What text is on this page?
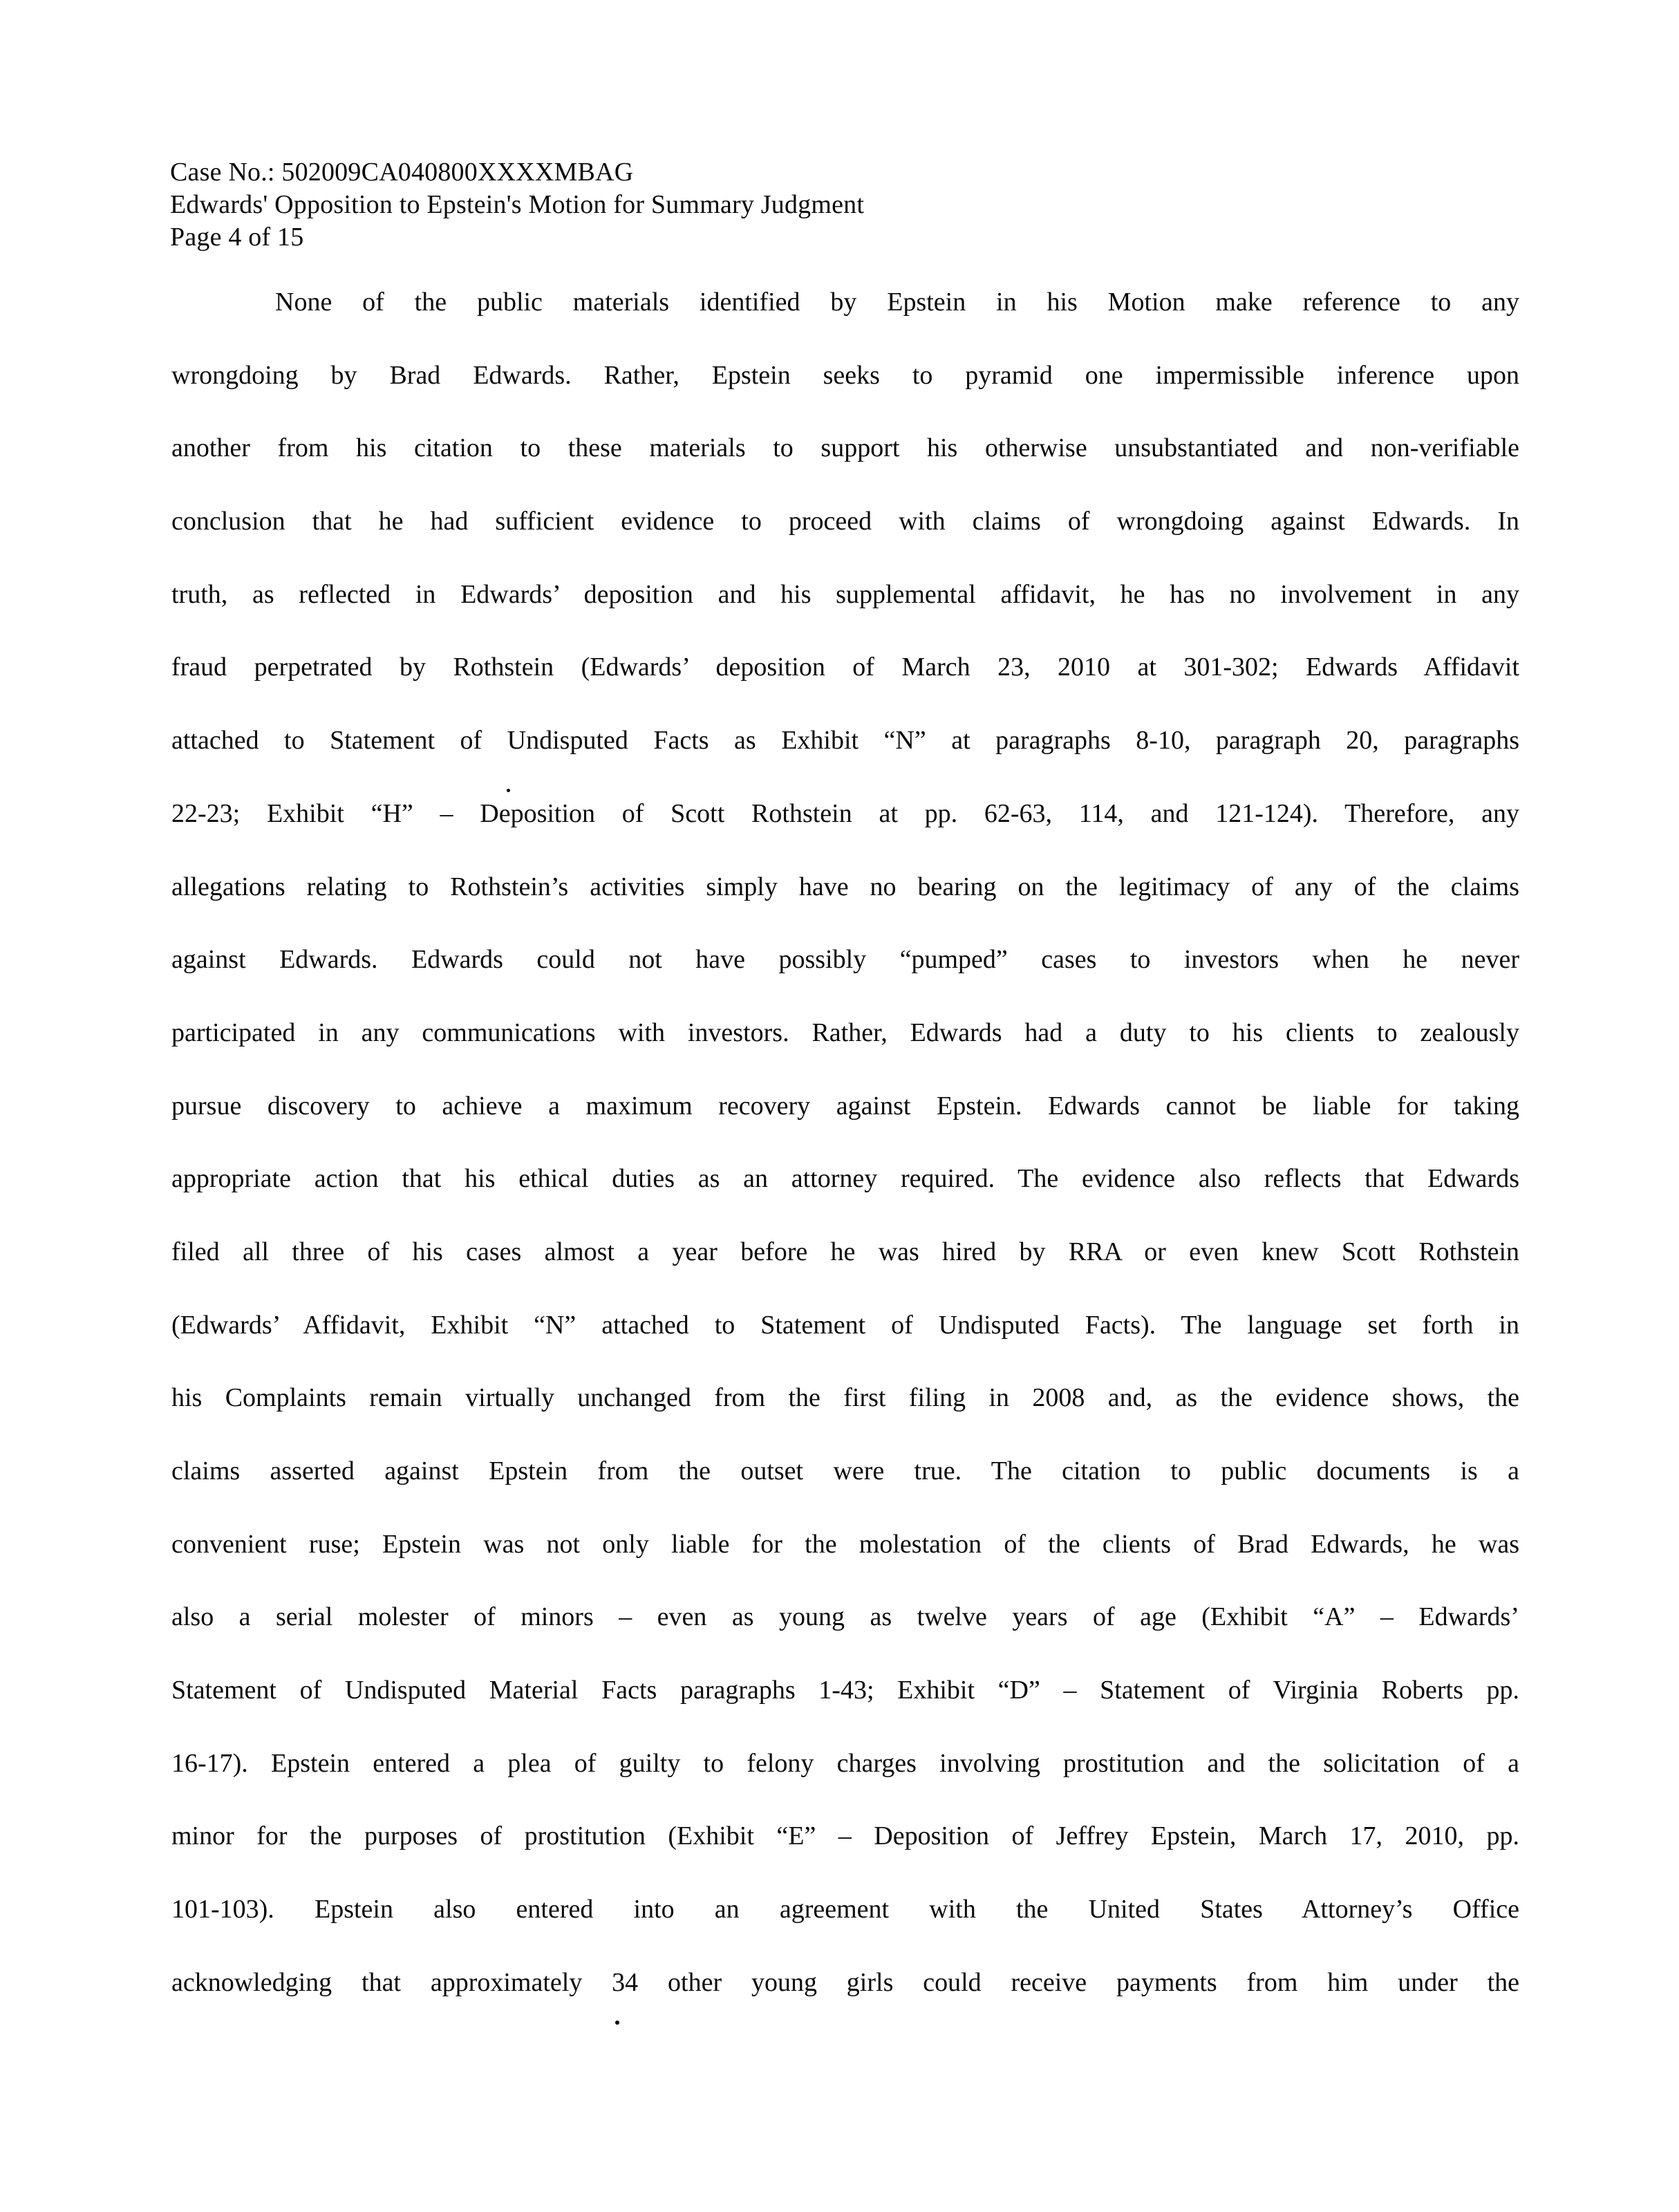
Case No.: 502009CA040800XXXXMBAG
Edwards' Opposition to Epstein's Motion for Summary Judgment
Page 4 of 15
None of the public materials identified by Epstein in his Motion make reference to any
wrongdoing by Brad Edwards. Rather, Epstein seeks to pyramid one impermissible inference upon
another from his citation to these materials to support his otherwise unsubstantiated and non-verifiable
conclusion that he had sufficient evidence to proceed with claims of wrongdoing against Edwards. In
truth, as reflected in Edwards’ deposition and his supplemental affidavit, he has no involvement in any
fraud perpetrated by Rothstein (Edwards’ deposition of March 23, 2010 at 301-302; Edwards Affidavit
attached to Statement of Undisputed Facts as Exhibit “N” at paragraphs 8-10, paragraph 20, paragraphs
22-23; Exhibit “H” – Deposition of Scott Rothstein at pp. 62-63, 114, and 121-124). Therefore, any
allegations relating to Rothstein’s activities simply have no bearing on the legitimacy of any of the claims
against Edwards. Edwards could not have possibly “pumped” cases to investors when he never
participated in any communications with investors. Rather, Edwards had a duty to his clients to zealously
pursue discovery to achieve a maximum recovery against Epstein. Edwards cannot be liable for taking
appropriate action that his ethical duties as an attorney required. The evidence also reflects that Edwards
filed all three of his cases almost a year before he was hired by RRA or even knew Scott Rothstein
(Edwards’ Affidavit, Exhibit “N” attached to Statement of Undisputed Facts). The language set forth in
his Complaints remain virtually unchanged from the first filing in 2008 and, as the evidence shows, the
claims asserted against Epstein from the outset were true. The citation to public documents is a
convenient ruse; Epstein was not only liable for the molestation of the clients of Brad Edwards, he was
also a serial molester of minors – even as young as twelve years of age (Exhibit “A” – Edwards’
Statement of Undisputed Material Facts paragraphs 1-43; Exhibit “D” – Statement of Virginia Roberts pp.
16-17). Epstein entered a plea of guilty to felony charges involving prostitution and the solicitation of a
minor for the purposes of prostitution (Exhibit “E” – Deposition of Jeffrey Epstein, March 17, 2010, pp.
101-103). Epstein also entered into an agreement with the United States Attorney’s Office
acknowledging that approximately 34 other young girls could receive payments from him under the
